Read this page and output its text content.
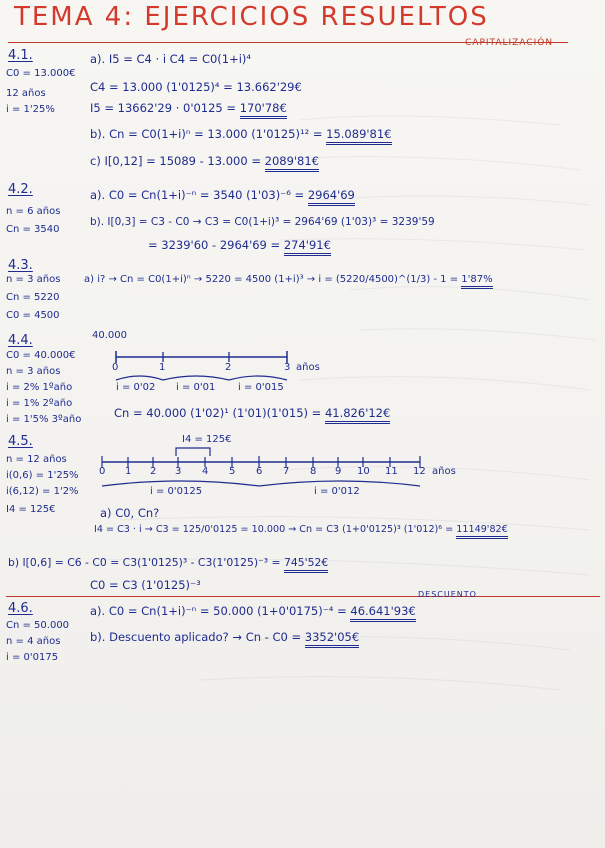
TEMA 4: EJERCICIOS RESUELTOS
CAPITALIZACIÓN
4.1.
C0 = 13.000€
12 años
i = 1'25%
a). I5 = C4 · i C4 = C0(1+i)⁴
C4 = 13.000 (1'0125)⁴ = 13.662'29€
I5 = 13662'29 · 0'0125 = 170'78€
b). Cn = C0(1+i)ⁿ = 13.000 (1'0125)¹² = 15.089'81€
c) I[0,12] = 15089 - 13.000 = 2089'81€
4.2.
n = 6 años
Cn = 3540
a). C0 = Cn(1+i)⁻ⁿ = 3540 (1'03)⁻⁶ = 2964'69
b). I[0,3] = C3 - C0 → C3 = C0(1+i)³ = 2964'69 (1'03)³ = 3239'59
= 3239'60 - 2964'69 = 274'91€
4.3.
n = 3 años
Cn = 5220
C0 = 4500
a) i? → Cn = C0(1+i)ⁿ → 5220 = 4500 (1+i)³ → i = (5220/4500)^(1/3) - 1 = 1'87%
4.4.
C0 = 40.000€
n = 3 años
i = 2% 1ºaño
i = 1% 2ºaño
i = 1'5% 3ºaño
40.000
0	1	2	3 años
i = 0'02 i = 0'01 i = 0'015
Cn = 40.000 (1'02)¹ (1'01)(1'015) = 41.826'12€
4.5.
n = 12 años
i(0,6) = 1'25%
i(6,12) = 1'2%
I4 = 125€
I4 = 125€
0 1 2 3 4 5 6 7 8 9 10 11 12 años
i = 0'0125	i = 0'012
a) C0, Cn?
I4 = C3 · i → C3 = 125/0'0125 = 10.000 → Cn = C3 (1+0'0125)³ (1'012)⁶ = 11149'82€
b) I[0,6] = C6 - C0 = C3(1'0125)³ - C3(1'0125)⁻³ = 745'52€
C0 = C3 (1'0125)⁻³
DESCUENTO
4.6.
Cn = 50.000
n = 4 años
i = 0'0175
a). C0 = Cn(1+i)⁻ⁿ = 50.000 (1+0'0175)⁻⁴ = 46.641'93€
b). Descuento aplicado? → Cn - C0 = 3352'05€
